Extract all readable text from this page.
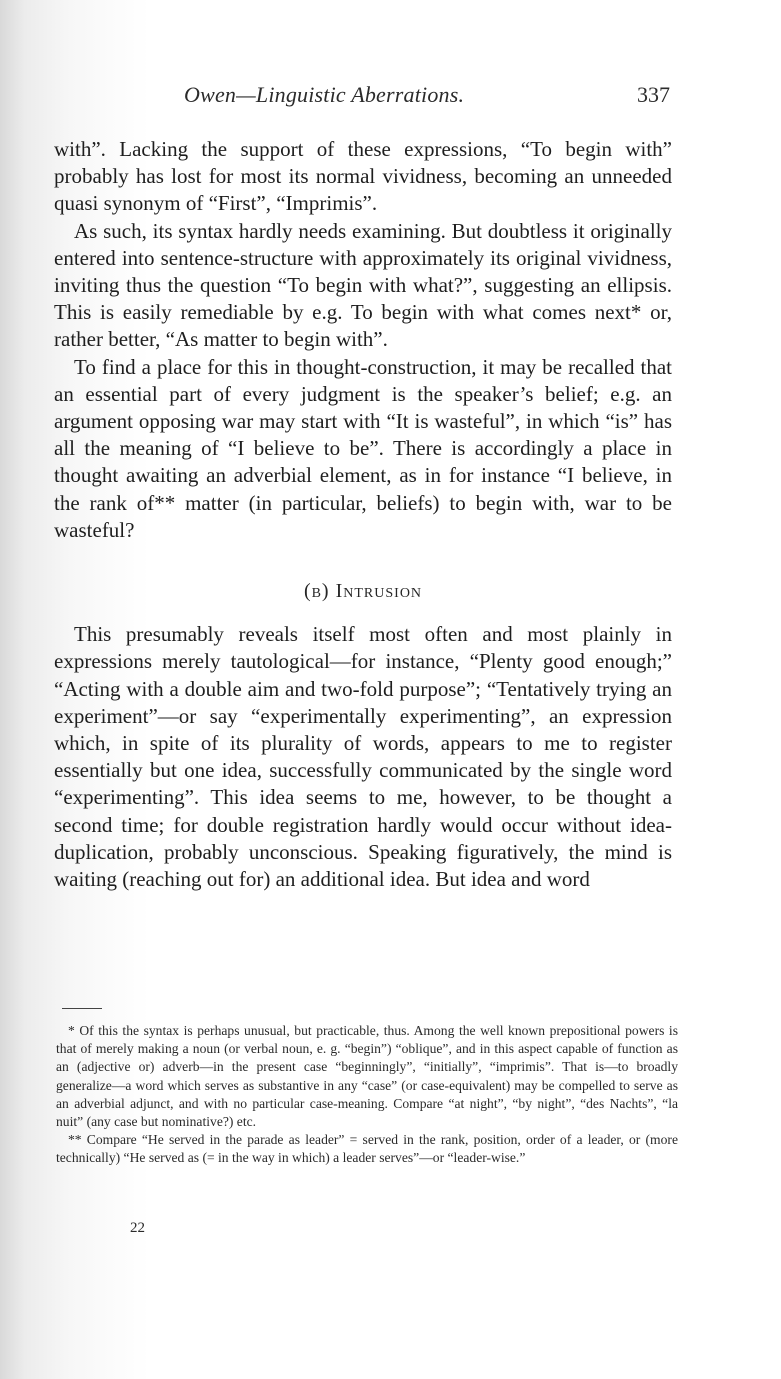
Owen—Linguistic Aberrations.	337

with”. Lacking the support of these expressions, “To begin with” probably has lost for most its normal vividness, becoming an unneeded quasi synonym of “First”, “Imprimis”.

As such, its syntax hardly needs examining. But doubtless it originally entered into sentence-structure with approximately its original vividness, inviting thus the question “To begin with what?”, suggesting an ellipsis. This is easily remediable by e.g. To begin with what comes next* or, rather better, “As matter to begin with”.

To find a place for this in thought-construction, it may be recalled that an essential part of every judgment is the speaker’s belief; e.g. an argument opposing war may start with “It is wasteful”, in which “is” has all the meaning of “I believe to be”. There is accordingly a place in thought awaiting an adverbial element, as in for instance “I believe, in the rank of** matter (in particular, beliefs) to begin with, war to be wasteful?

(b) Intrusion

This presumably reveals itself most often and most plainly in expressions merely tautological—for instance, “Plenty good enough;” “Acting with a double aim and two-fold purpose”; “Tentatively trying an experiment”—or say “experimentally experimenting”, an expression which, in spite of its plurality of words, appears to me to register essentially but one idea, successfully communicated by the single word “experimenting”. This idea seems to me, however, to be thought a second time; for double registration hardly would occur without idea-duplication, probably unconscious. Speaking figuratively, the mind is waiting (reaching out for) an additional idea. But idea and word

* Of this the syntax is perhaps unusual, but practicable, thus. Among the well known prepositional powers is that of merely making a noun (or verbal noun, e. g. “begin”) “oblique”, and in this aspect capable of function as an (adjective or) adverb—in the present case “beginningly”, “initially”, “imprimis”. That is—to broadly generalize—a word which serves as substantive in any “case” (or case-equivalent) may be compelled to serve as an adverbial adjunct, and with no particular case-meaning. Compare “at night”, “by night”, “des Nachts”, “la nuit” (any case but nominative?) etc.

** Compare “He served in the parade as leader” = served in the rank, position, order of a leader, or (more technically) “He served as (= in the way in which) a leader serves”—or “leader-wise.”

22
